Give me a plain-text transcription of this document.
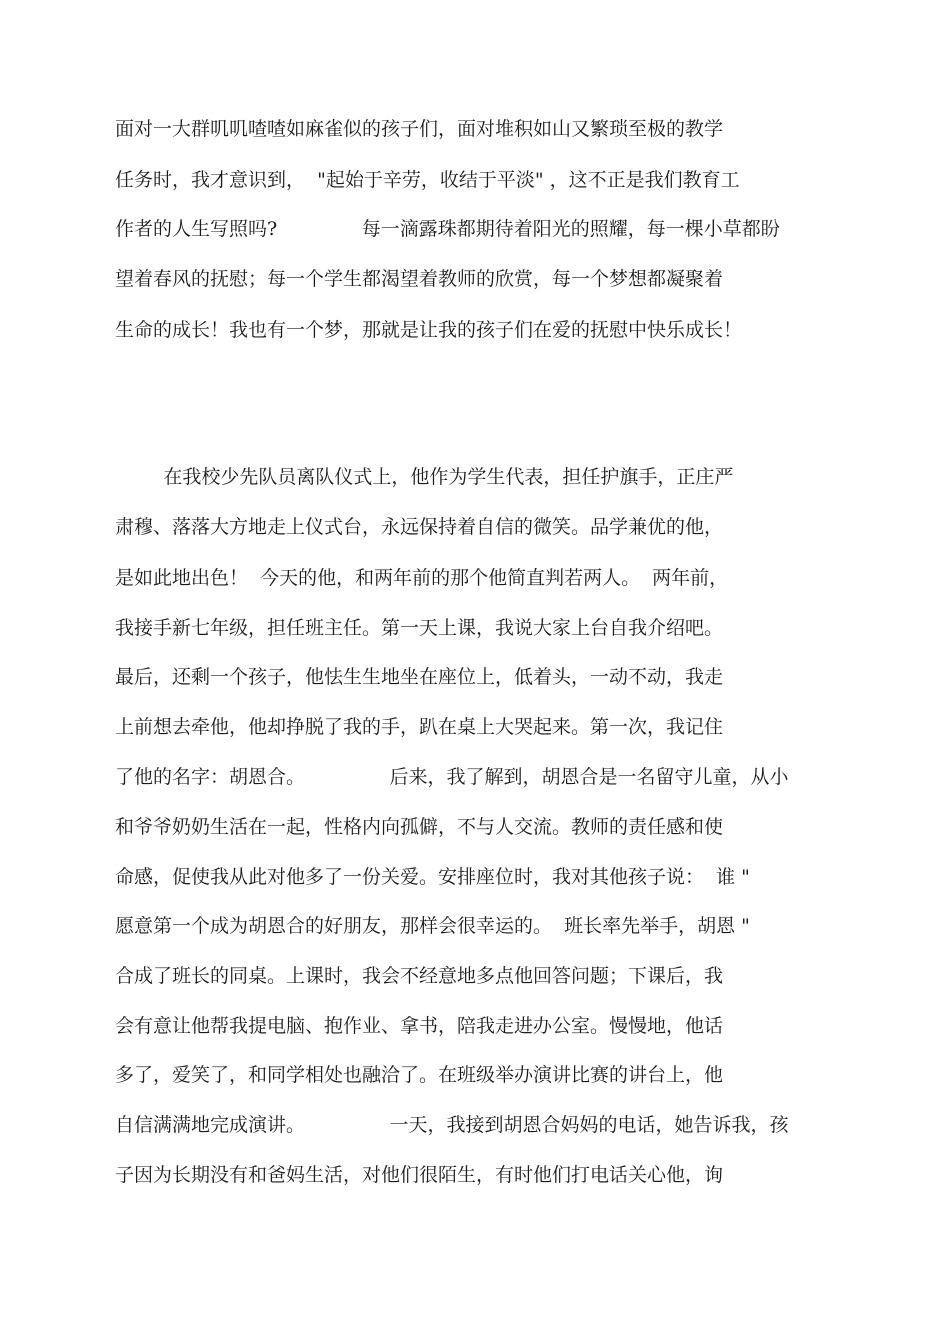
面对一大群叽叽喳喳如麻雀似的孩子们，面对堆积如山又繁琐至极的教学
任务时，我才意识到，  "起始于辛劳，收结于平淡" ，这不正是我们教育工
作者的人生写照吗?              每一滴露珠都期待着阳光的照耀，每一棵小草都盼
望着春风的抚慰；每一个学生都渴望着教师的欣赏，每一个梦想都凝聚着
生命的成长！我也有一个梦，那就是让我的孩子们在爱的抚慰中快乐成长！
在我校少先队员离队仪式上，他作为学生代表，担任护旗手，正庄严
肃穆、落落大方地走上仪式台，永远保持着自信的微笑。品学兼优的他，
是如此地出色！  今天的他，和两年前的那个他简直判若两人。  两年前，
我接手新七年级，担任班主任。第一天上课，我说大家上台自我介绍吧。
最后，还剩一个孩子，他怯生生地坐在座位上，低着头，一动不动，我走
上前想去牵他，他却挣脱了我的手，趴在桌上大哭起来。第一次，我记住
了他的名字：胡恩合。              后来，我了解到，胡恩合是一名留守儿童，从小
和爷爷奶奶生活在一起，性格内向孤僻，不与人交流。教师的责任感和使
命感，促使我从此对他多了一份关爱。安排座位时，我对其他孩子说：  谁 "
愿意第一个成为胡恩合的好朋友，那样会很幸运的。  班长率先举手，胡恩 "
合成了班长的同桌。上课时，我会不经意地多点他回答问题；下课后，我
会有意让他帮我提电脑、抱作业、拿书，陪我走进办公室。慢慢地，他话
多了，爱笑了，和同学相处也融洽了。在班级举办演讲比赛的讲台上，他
自信满满地完成演讲。              一天，我接到胡恩合妈妈的电话，她告诉我，孩
子因为长期没有和爸妈生活，对他们很陌生，有时他们打电话关心他，询
